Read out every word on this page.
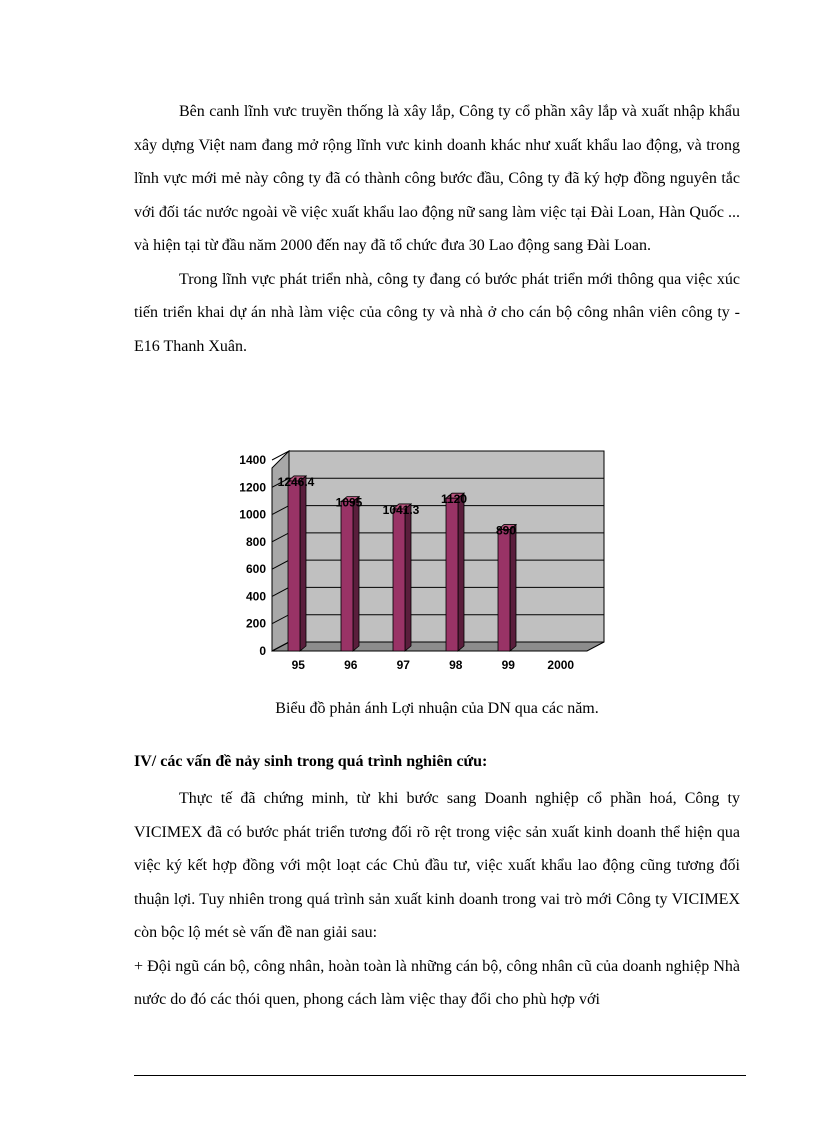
Bên canh lĩnh vưc truyền thống là xây lắp, Công ty cổ phần xây lắp và xuất nhập khẩu xây dựng Việt nam đang mở rộng lĩnh vưc kinh doanh khác như xuất khẩu lao động, và trong lĩnh vực mới mẻ này công ty đã có thành công bước đầu, Công ty đã ký hợp đồng nguyên tắc với đối tác nước ngoài về việc xuất khẩu lao động nữ sang làm việc tại Đài Loan, Hàn Quốc ... và hiện tại từ đầu năm 2000 đến nay đã tổ chức đưa 30 Lao động sang Đài Loan.

Trong lĩnh vực phát triển nhà, công ty đang có bước phát triển mới thông qua việc xúc tiến triển khai dự án nhà làm việc của công ty và nhà ở cho cán bộ công nhân viên công ty - E16 Thanh Xuân.

0
200
400
600
800
1000
1200
1400
95
1246.4
96
1095
97
1041.3
98
1120
99
890
2000
Biểu đồ phản ánh Lợi nhuận của DN qua các năm.
IV/ các vấn đề nảy sinh trong quá trình nghiên cứu:

Thực tế đã chứng minh, từ khi bước sang Doanh nghiệp cổ phần hoá, Công ty VICIMEX đã có bước phát triển tương đối rõ rệt trong việc sản xuất kinh doanh thể hiện qua việc ký kết hợp đồng với một loạt các Chủ đầu tư, việc xuất khẩu lao động cũng tương đối thuận lợi. Tuy nhiên trong quá trình sản xuất kinh doanh trong vai trò mới Công ty VICIMEX còn bộc lộ mét sè vấn đề nan giải sau:

+ Đội ngũ cán bộ, công nhân, hoàn toàn là những cán bộ, công nhân cũ của doanh nghiệp Nhà nước do đó các thói quen, phong cách làm việc thay đổi cho phù hợp với
